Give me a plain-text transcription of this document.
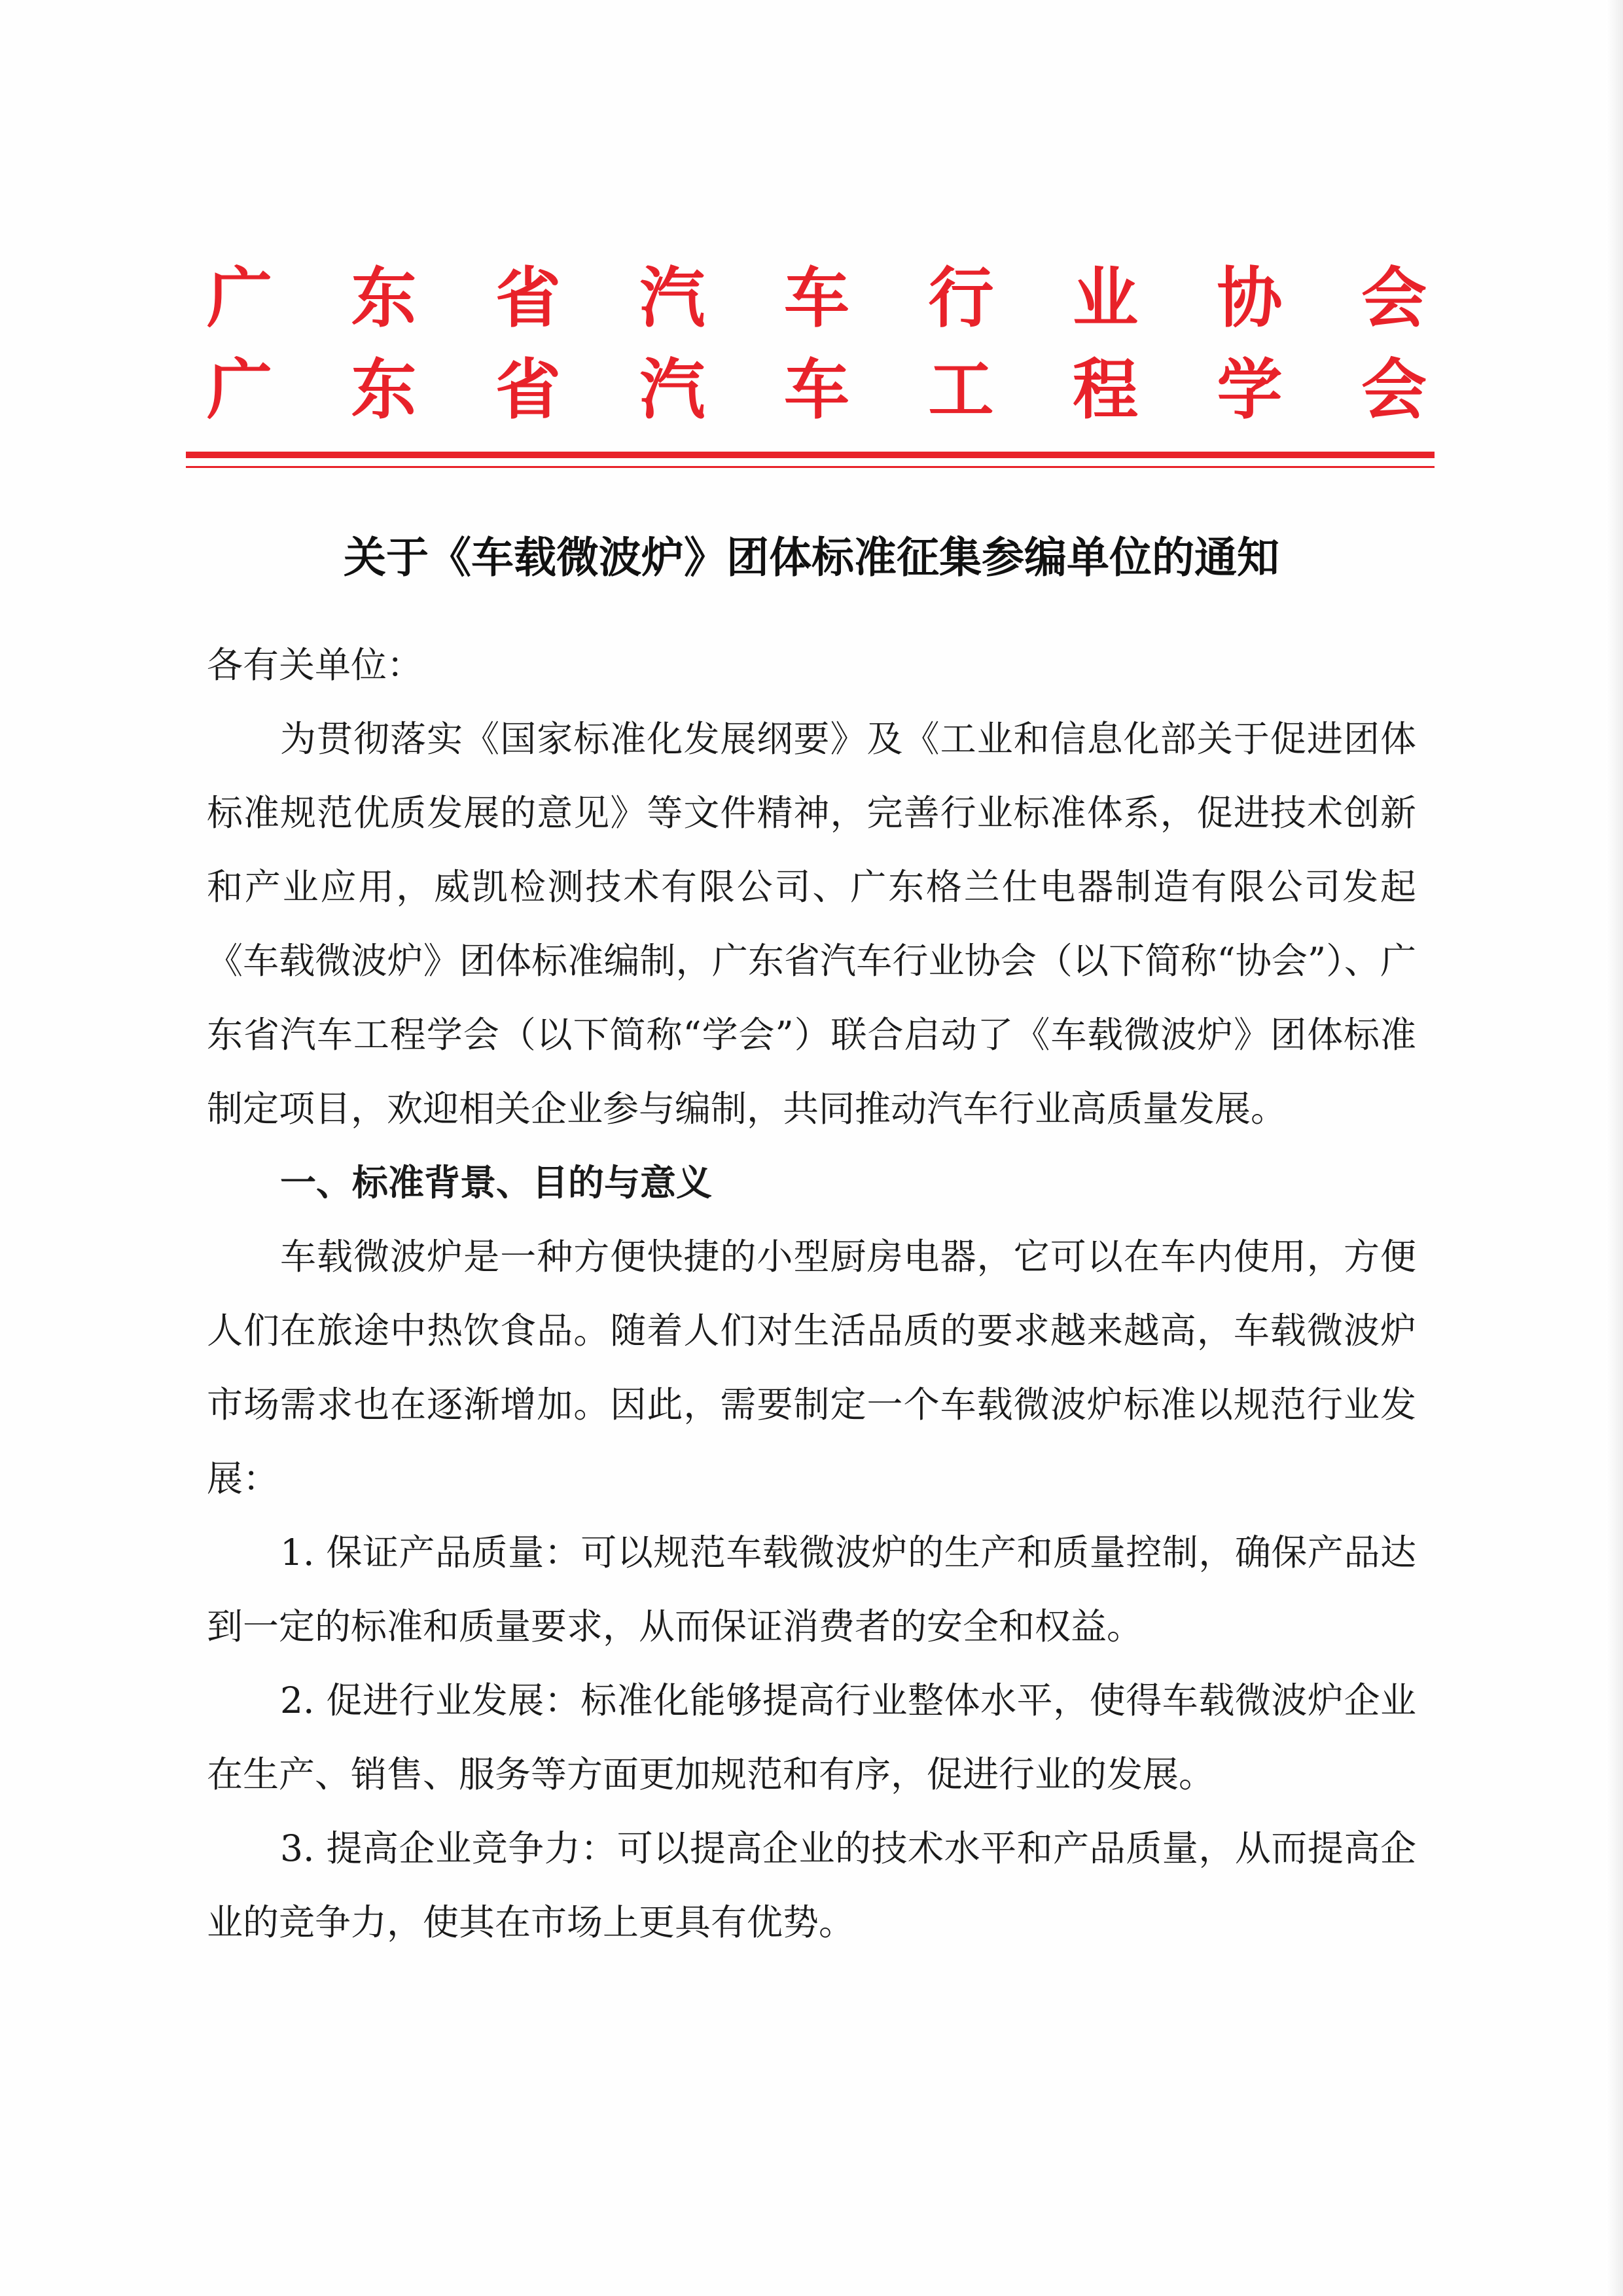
广 东 省 汽 车 行 业 协 会
广 东 省 汽 车 工 程 学 会
关于《车载微波炉》团体标准征集参编单位的通知

各有关单位：

为贯彻落实《国家标准化发展纲要》及《工业和信息化部关于促进团体标准规范优质发展的意见》等文件精神，完善行业标准体系，促进技术创新和产业应用，威凯检测技术有限公司、广东格兰仕电器制造有限公司发起《车载微波炉》团体标准编制，广东省汽车行业协会（以下简称“协会”）、广东省汽车工程学会（以下简称“学会”）联合启动了《车载微波炉》团体标准制定项目，欢迎相关企业参与编制，共同推动汽车行业高质量发展。

一、标准背景、目的与意义

车载微波炉是一种方便快捷的小型厨房电器，它可以在车内使用，方便人们在旅途中热饮食品。随着人们对生活品质的要求越来越高，车载微波炉市场需求也在逐渐增加。因此，需要制定一个车载微波炉标准以规范行业发展：

1. 保证产品质量：可以规范车载微波炉的生产和质量控制，确保产品达到一定的标准和质量要求，从而保证消费者的安全和权益。

2. 促进行业发展：标准化能够提高行业整体水平，使得车载微波炉企业在生产、销售、服务等方面更加规范和有序，促进行业的发展。

3. 提高企业竞争力：可以提高企业的技术水平和产品质量，从而提高企业的竞争力，使其在市场上更具有优势。
